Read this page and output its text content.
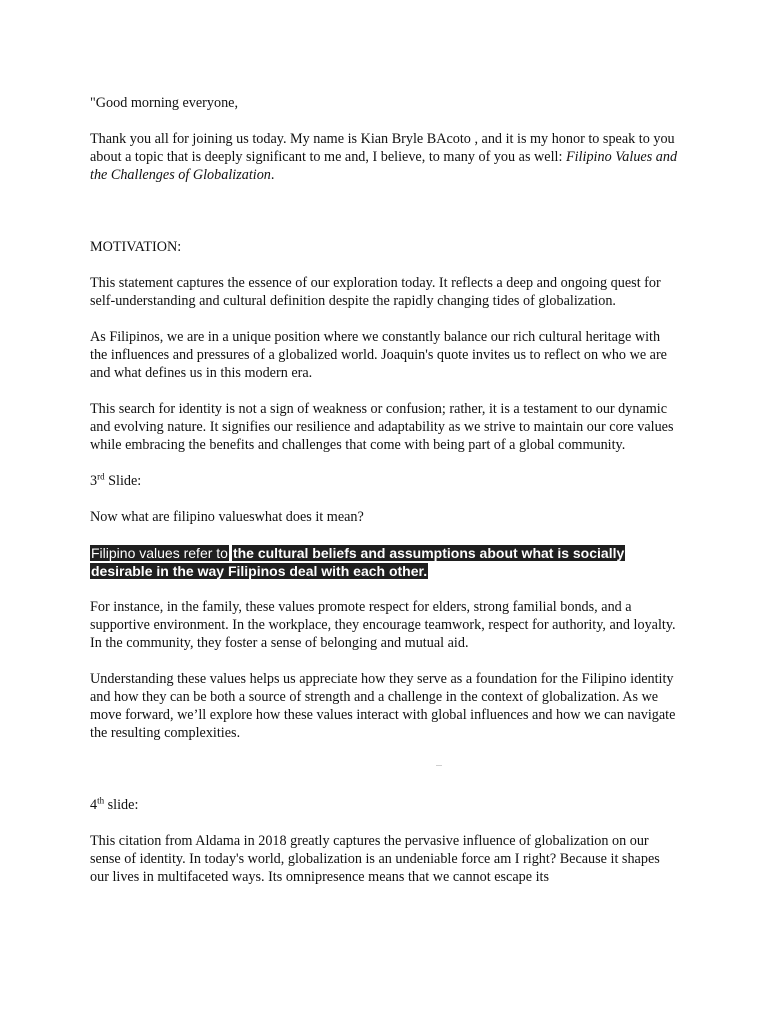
"Good morning everyone,

Thank you all for joining us today. My name is Kian Bryle BAcoto , and it is my honor to speak to you about a topic that is deeply significant to me and, I believe, to many of you as well: Filipino Values and the Challenges of Globalization.

MOTIVATION:

This statement captures the essence of our exploration today. It reflects a deep and ongoing quest for self-understanding and cultural definition despite the rapidly changing tides of globalization.

As Filipinos, we are in a unique position where we constantly balance our rich cultural heritage with the influences and pressures of a globalized world. Joaquin's quote invites us to reflect on who we are and what defines us in this modern era.

This search for identity is not a sign of weakness or confusion; rather, it is a testament to our dynamic and evolving nature. It signifies our resilience and adaptability as we strive to maintain our core values while embracing the benefits and challenges that come with being part of a global community.

3rd Slide:

Now what are filipino valueswhat does it mean?

Filipino values refer to the cultural beliefs and assumptions about what is socially
desirable in the way Filipinos deal with each other.

For instance, in the family, these values promote respect for elders, strong familial bonds, and a supportive environment. In the workplace, they encourage teamwork, respect for authority, and loyalty. In the community, they foster a sense of belonging and mutual aid.

Understanding these values helps us appreciate how they serve as a foundation for the Filipino identity and how they can be both a source of strength and a challenge in the context of globalization. As we move forward, we’ll explore how these values interact with global influences and how we can navigate the resulting complexities.

4th slide:

This citation from Aldama in 2018 greatly captures the pervasive influence of globalization on our sense of identity. In today's world, globalization is an undeniable force am I right? Because it shapes our lives in multifaceted ways. Its omnipresence means that we cannot escape its
